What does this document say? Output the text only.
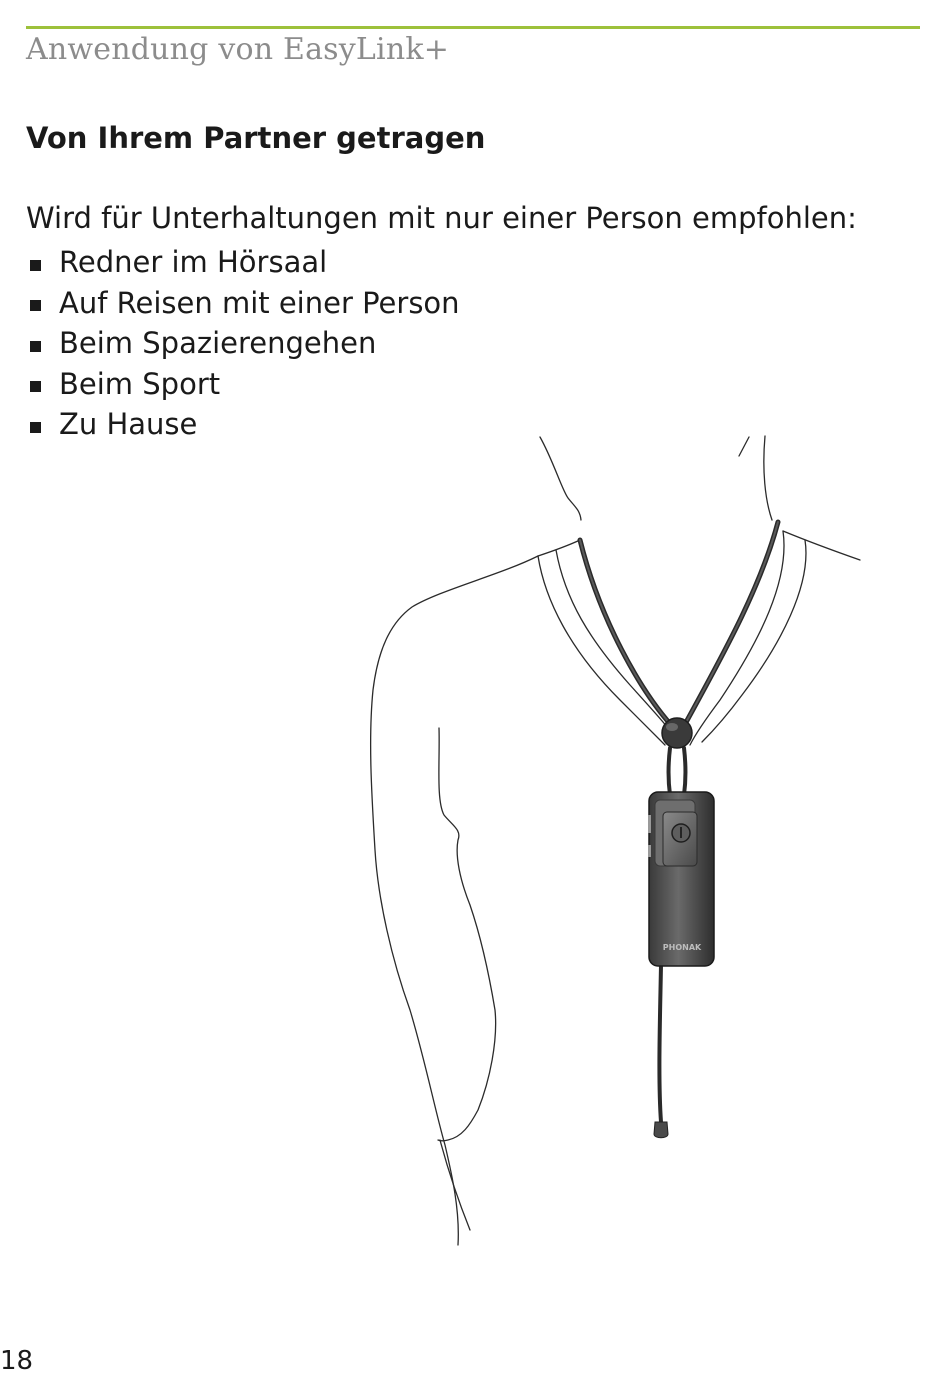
Anwendung von EasyLink+
Von Ihrem Partner getragen
Wird für Unterhaltungen mit nur einer Person empfohlen:
Redner im Hörsaal
Auf Reisen mit einer Person
Beim Spazierengehen
Beim Sport
Zu Hause
PHONAK
18
